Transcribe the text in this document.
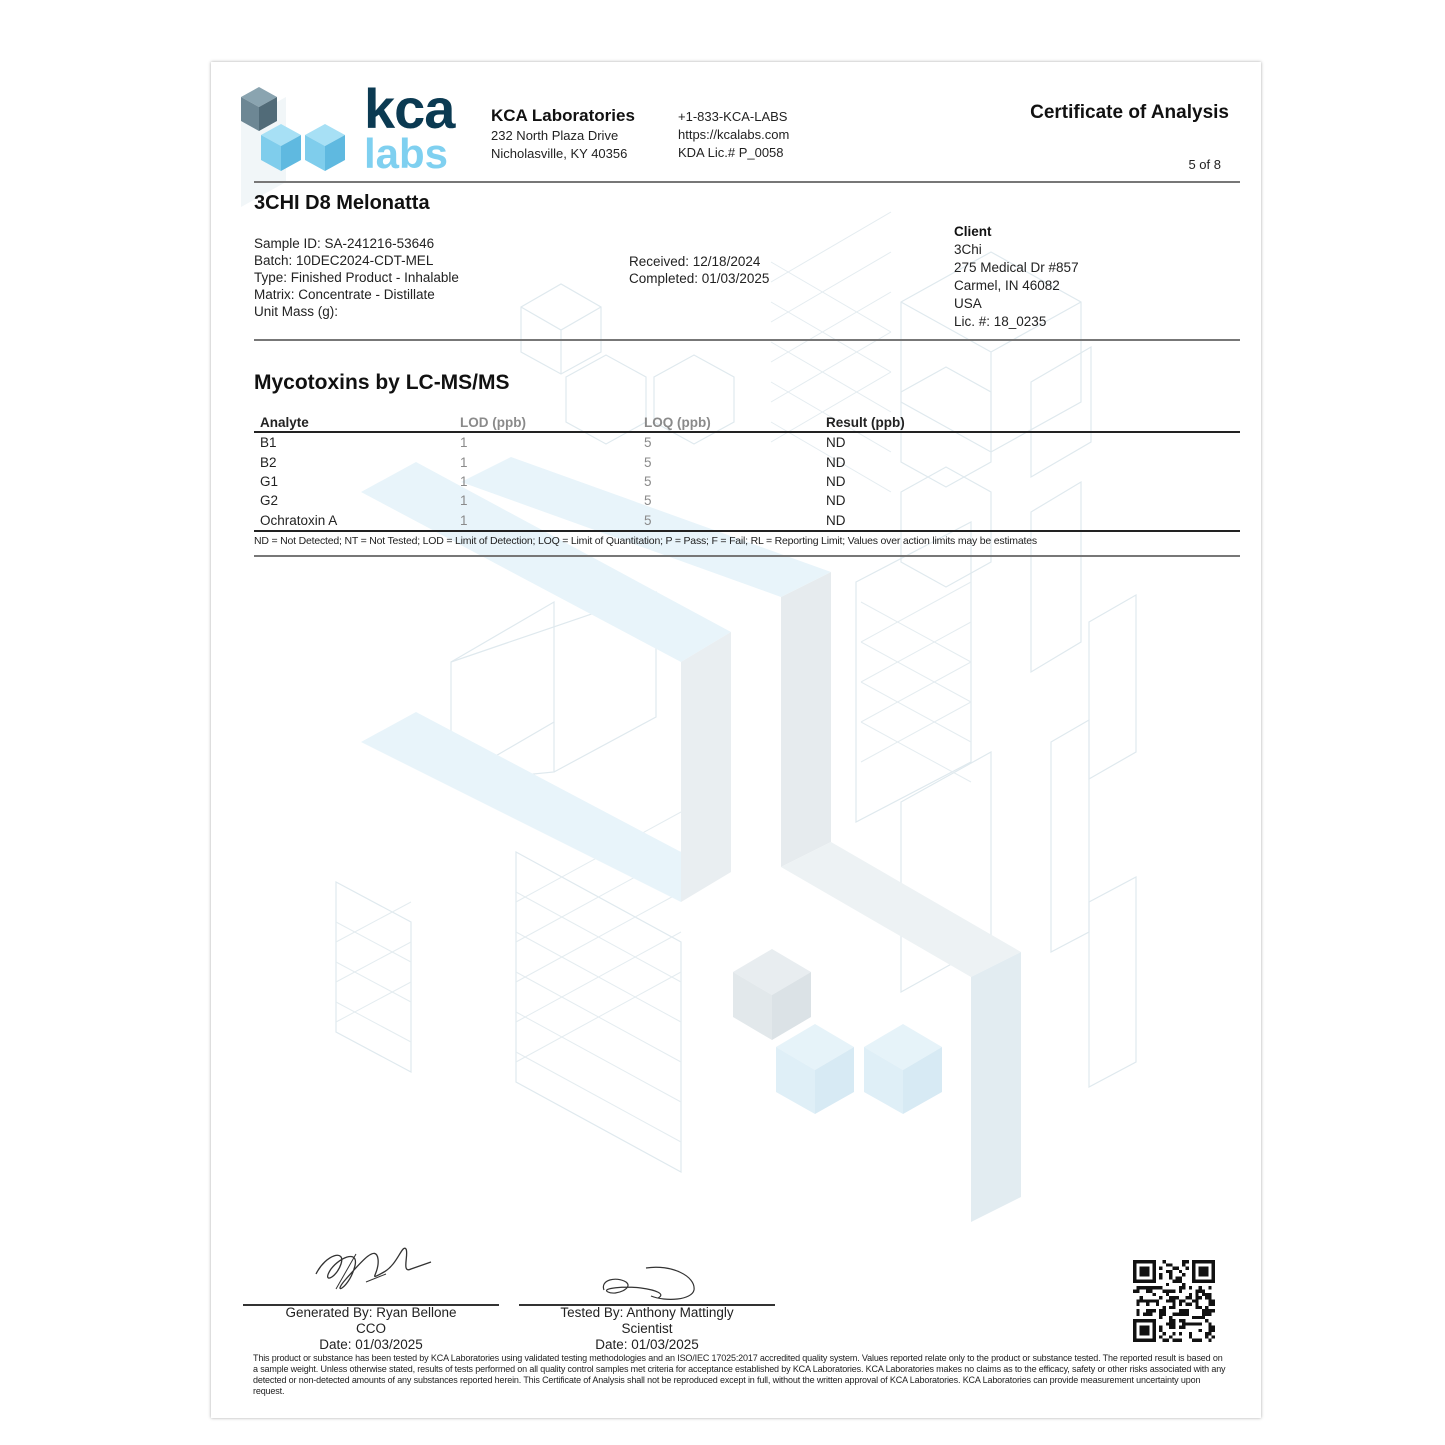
kca
labs
KCA Laboratories
232 North Plaza Drive
Nicholasville, KY 40356
+1-833-KCA-LABS
https://kcalabs.com
KDA Lic.# P_0058
Certificate of Analysis
5 of 8
3CHI D8 Melonatta
Sample ID: SA-241216-53646
Batch: 10DEC2024-CDT-MEL
Type: Finished Product - Inhalable
Matrix: Concentrate - Distillate
Unit Mass (g):
Received: 12/18/2024
Completed: 01/03/2025
Client
3Chi
275 Medical Dr #857
Carmel, IN 46082
USA
Lic. #: 18_0235
Mycotoxins by LC-MS/MS
Analyte	LOD (ppb)	LOQ (ppb)	Result (ppb)
B1	1	5	ND
B2	1	5	ND
G1	1	5	ND
G2	1	5	ND
Ochratoxin A	1	5	ND
ND = Not Detected; NT = Not Tested; LOD = Limit of Detection; LOQ = Limit of Quantitation; P = Pass; F = Fail; RL = Reporting Limit; Values over action limits may be estimates
Generated By: Ryan Bellone
CCO
Date: 01/03/2025
Tested By: Anthony Mattingly
Scientist
Date: 01/03/2025
This product or substance has been tested by KCA Laboratories using validated testing methodologies and an ISO/IEC 17025:2017 accredited quality system. Values reported relate only to the product or substance tested. The reported result is based on a sample weight. Unless otherwise stated, results of tests performed on all quality control samples met criteria for acceptance established by KCA Laboratories. KCA Laboratories makes no claims as to the efficacy, safety or other risks associated with any detected or non-detected amounts of any substances reported herein. This Certificate of Analysis shall not be reproduced except in full, without the written approval of KCA Laboratories. KCA Laboratories can provide measurement uncertainty upon request.
